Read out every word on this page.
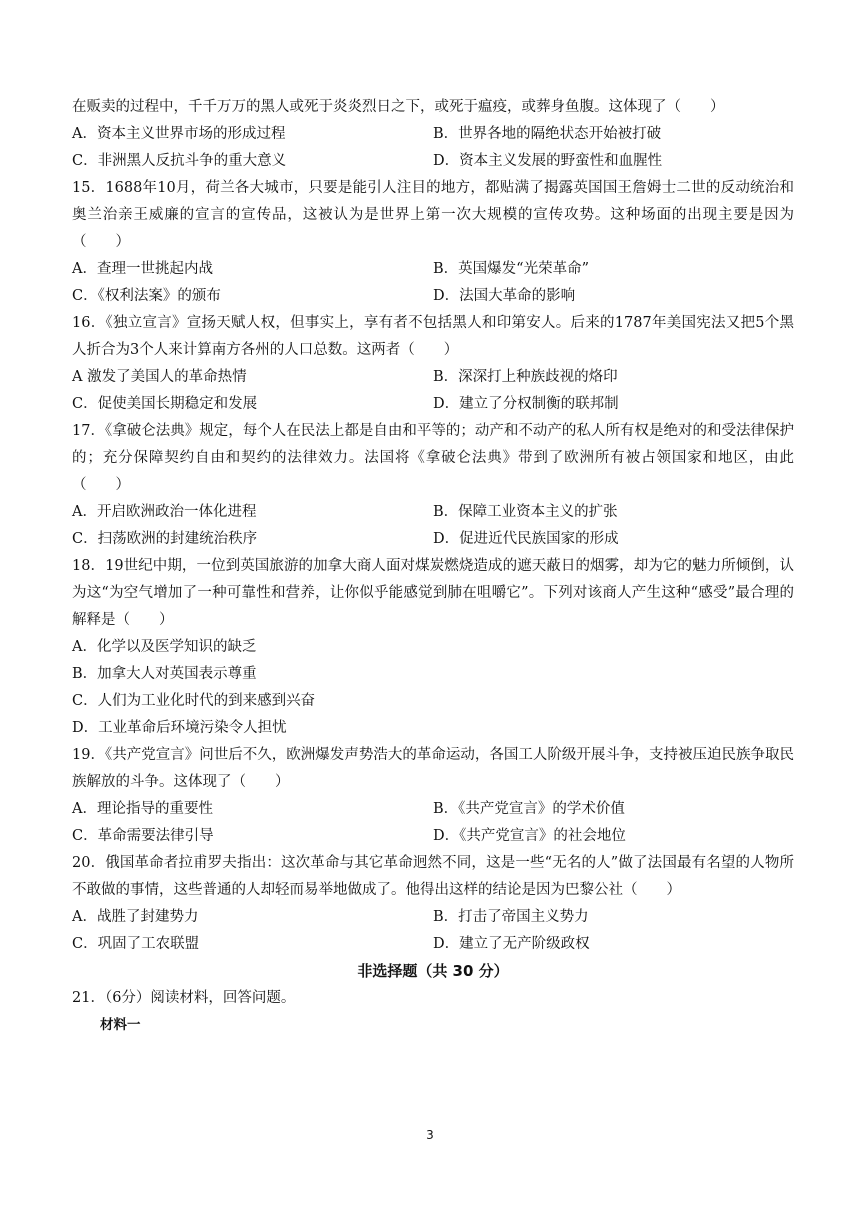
在贩卖的过程中，千千万万的黑人或死于炎炎烈日之下，或死于瘟疫，或葬身鱼腹。这体现了（　　）

A．资本主义世界市场的形成过程	B．世界各地的隔绝状态开始被打破
C．非洲黑人反抗斗争的重大意义	D．资本主义发展的野蛮性和血腥性

15．1688年10月，荷兰各大城市，只要是能引人注目的地方，都贴满了揭露英国国王詹姆士二世的反动统治和奥兰治亲王威廉的宣言的宣传品，这被认为是世界上第一次大规模的宣传攻势。这种场面的出现主要是因为（　　）

A．查理一世挑起内战	B．英国爆发“光荣革命”
C．《权利法案》的颁布	D．法国大革命的影响

16．《独立宣言》宣扬天赋人权，但事实上，享有者不包括黑人和印第安人。后来的1787年美国宪法又把5个黑人折合为3个人来计算南方各州的人口总数。这两者（　　）

A 激发了美国人的革命热情	B．深深打上种族歧视的烙印
C．促使美国长期稳定和发展	D．建立了分权制衡的联邦制

17．《拿破仑法典》规定，每个人在民法上都是自由和平等的；动产和不动产的私人所有权是绝对的和受法律保护的；充分保障契约自由和契约的法律效力。法国将《拿破仑法典》带到了欧洲所有被占领国家和地区，由此（　　）

A．开启欧洲政治一体化进程	B．保障工业资本主义的扩张
C．扫荡欧洲的封建统治秩序	D．促进近代民族国家的形成

18．19世纪中期，一位到英国旅游的加拿大商人面对煤炭燃烧造成的遮天蔽日的烟雾，却为它的魅力所倾倒，认为这“为空气增加了一种可靠性和营养，让你似乎能感觉到肺在咀嚼它”。下列对该商人产生这种“感受”最合理的解释是（　　）

A．化学以及医学知识的缺乏
B．加拿大人对英国表示尊重
C．人们为工业化时代的到来感到兴奋
D．工业革命后环境污染令人担忧

19．《共产党宣言》问世后不久，欧洲爆发声势浩大的革命运动，各国工人阶级开展斗争，支持被压迫民族争取民族解放的斗争。这体现了（　　）

A．理论指导的重要性	B．《共产党宣言》的学术价值
C．革命需要法律引导	D．《共产党宣言》的社会地位

20．俄国革命者拉甫罗夫指出：这次革命与其它革命迥然不同，这是一些“无名的人”做了法国最有名望的人物所不敢做的事情，这些普通的人却轻而易举地做成了。他得出这样的结论是因为巴黎公社（　　）

A．战胜了封建势力	B．打击了帝国主义势力
C．巩固了工农联盟	D．建立了无产阶级政权

非选择题（共 30 分）

21．（6分）阅读材料，回答问题。

材料一

3
